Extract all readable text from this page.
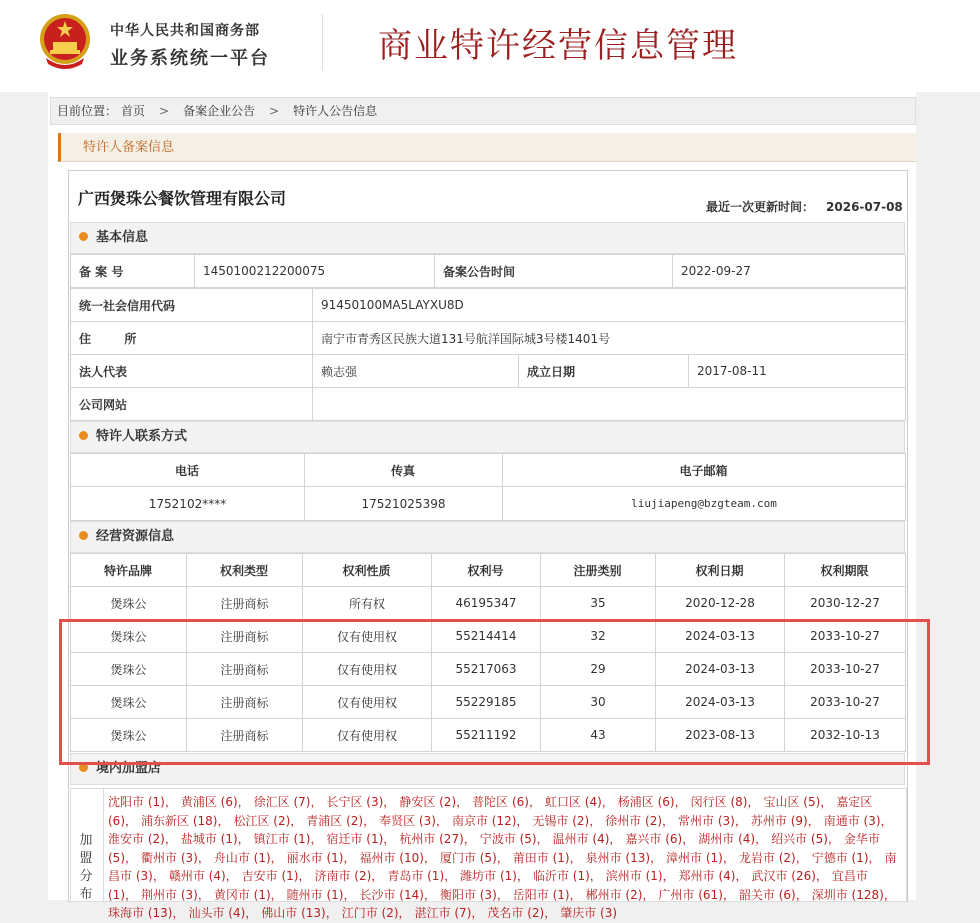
中华人民共和国商务部
业务系统统一平台	商业特许经营信息管理
目前位置： 首页 > 备案企业公告 > 特许人公告信息
特许人备案信息
广西煲珠公餐饮管理有限公司	最近一次更新时间： 2026-07-08
基本信息
备 案 号	1450100212200075	备案公告时间	2022-09-27
统一社会信用代码	91450100MA5LAYXU8D
住        所	南宁市青秀区民族大道131号航洋国际城3号楼1401号
法人代表	赖志强	成立日期	2017-08-11
公司网站			
特许人联系方式
电话	传真	电子邮箱
1752102****	17521025398	liujiapeng@bzgteam.com
经营资源信息
特许品牌	权利类型	权利性质	权利号	注册类别	权利日期	权利期限
煲珠公	注册商标	所有权	46195347	35	2020-12-28	2030-12-27
煲珠公	注册商标	仅有使用权	55214414	32	2024-03-13	2033-10-27
煲珠公	注册商标	仅有使用权	55217063	29	2024-03-13	2033-10-27
煲珠公	注册商标	仅有使用权	55229185	30	2024-03-13	2033-10-27
煲珠公	注册商标	仅有使用权	55211192	43	2023-08-13	2032-10-13
境内加盟店
加
盟
分
布
沈阳市 (1)， 黄浦区 (6)， 徐汇区 (7)， 长宁区 (3)， 静安区 (2)， 普陀区 (6)， 虹口区 (4)， 杨浦区 (6)， 闵行区 (8)， 宝山区 (5)， 嘉定区 (6)， 浦东新区 (18)， 松江区 (2)， 青浦区 (2)， 奉贤区 (3)， 南京市 (12)， 无锡市 (2)， 徐州市 (2)， 常州市 (3)， 苏州市 (9)， 南通市 (3)，淮安市 (2)， 盐城市 (1)， 镇江市 (1)， 宿迁市 (1)， 杭州市 (27)， 宁波市 (5)， 温州市 (4)， 嘉兴市 (6)， 湖州市 (4)， 绍兴市 (5)， 金华市 (5)， 衢州市 (3)， 舟山市 (1)， 丽水市 (1)， 福州市 (10)， 厦门市 (5)， 莆田市 (1)， 泉州市 (13)， 漳州市 (1)， 龙岩市 (2)， 宁德市 (1)， 南昌市 (3)， 赣州市 (4)， 吉安市 (1)， 济南市 (2)， 青岛市 (1)， 潍坊市 (1)， 临沂市 (1)， 滨州市 (1)， 郑州市 (4)， 武汉市 (26)， 宜昌市 (1)， 荆州市 (3)， 黄冈市 (1)， 随州市 (1)， 长沙市 (14)， 衡阳市 (3)， 岳阳市 (1)， 郴州市 (2)， 广州市 (61)， 韶关市 (6)， 深圳市 (128)，珠海市 (13)， 汕头市 (4)， 佛山市 (13)， 江门市 (2)， 湛江市 (7)， 茂名市 (2)， 肇庆市 (3)
